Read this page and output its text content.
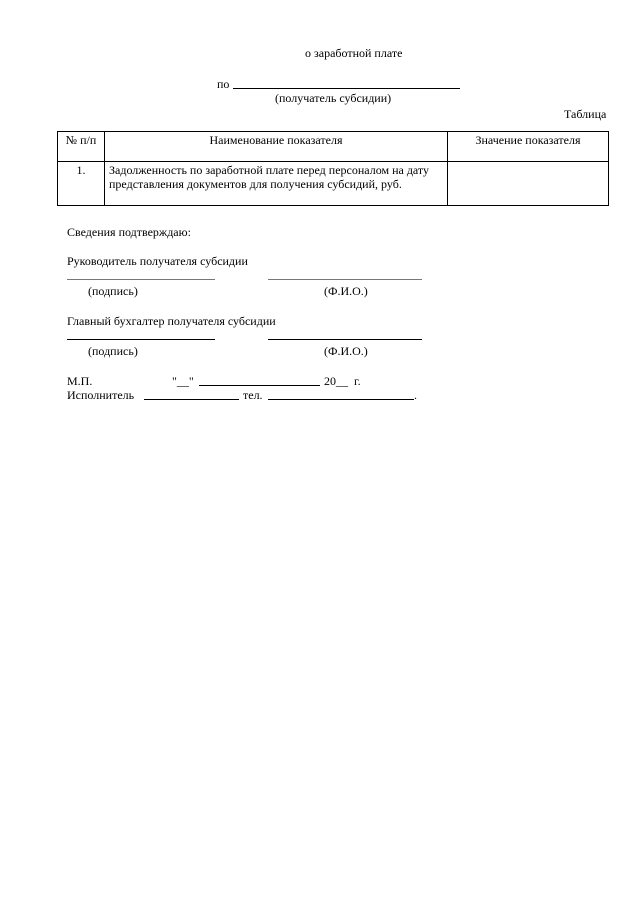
о заработной плате
по
(получатель субсидии)
Таблица
№ п/п	Наименование показателя	Значение показателя
1.	Задолженность по заработной плате перед персоналом на дату представления документов для получения субсидий, руб.	
Сведения подтверждаю:
Руководитель получателя субсидии
(подпись)	(Ф.И.О.)
Главный бухгалтер получателя субсидии
(подпись)	(Ф.И.О.)
М.П.	"__"	20__ г.
Исполнитель	тел.	.
